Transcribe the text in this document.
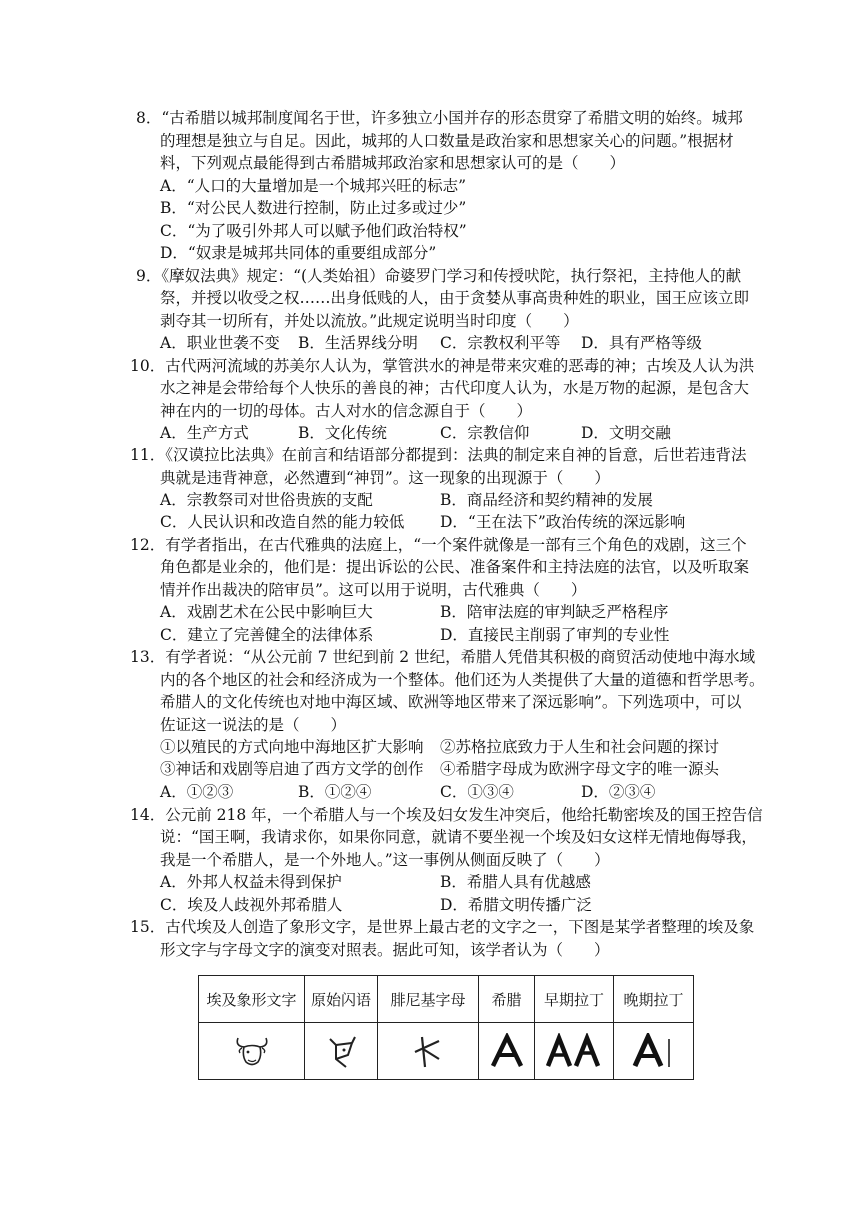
8．“古希腊以城邦制度闻名于世，许多独立小国并存的形态贯穿了希腊文明的始终。城邦
的理想是独立与自足。因此，城邦的人口数量是政治家和思想家关心的问题。”根据材
料，下列观点最能得到古希腊城邦政治家和思想家认可的是（　　）
A．“人口的大量增加是一个城邦兴旺的标志”
B．“对公民人数进行控制，防止过多或过少”
C．“为了吸引外邦人可以赋予他们政治特权”
D．“奴隶是城邦共同体的重要组成部分”
9．《摩奴法典》规定：“(人类始祖）命婆罗门学习和传授吠陀，执行祭祀，主持他人的献
祭，并授以收受之权……出身低贱的人，由于贪婪从事高贵种姓的职业，国王应该立即
剥夺其一切所有，并处以流放。”此规定说明当时印度（　　）
A．职业世袭不变 B．生活界线分明 C．宗教权利平等 D．具有严格等级
10．古代两河流域的苏美尔人认为，掌管洪水的神是带来灾难的恶毒的神；古埃及人认为洪
水之神是会带给每个人快乐的善良的神；古代印度人认为，水是万物的起源，是包含大
神在内的一切的母体。古人对水的信念源自于（　　）
A．生产方式	B．文化传统	C．宗教信仰	D．文明交融
11．《汉谟拉比法典》在前言和结语部分都提到：法典的制定来自神的旨意，后世若违背法
典就是违背神意，必然遭到“神罚”。这一现象的出现源于（　　）
A．宗教祭司对世俗贵族的支配	B．商品经济和契约精神的发展
C．人民认识和改造自然的能力较低 D．“王在法下”政治传统的深远影响
12．有学者指出，在古代雅典的法庭上，“一个案件就像是一部有三个角色的戏剧，这三个
角色都是业余的，他们是：提出诉讼的公民、准备案件和主持法庭的法官，以及听取案
情并作出裁决的陪审员”。这可以用于说明，古代雅典（　　）
A．戏剧艺术在公民中影响巨大	B．陪审法庭的审判缺乏严格程序
C．建立了完善健全的法律体系	D．直接民主削弱了审判的专业性
13．有学者说：“从公元前 7 世纪到前 2 世纪，希腊人凭借其积极的商贸活动使地中海水域
内的各个地区的社会和经济成为一个整体。他们还为人类提供了大量的道德和哲学思考。
希腊人的文化传统也对地中海区域、欧洲等地区带来了深远影响”。下列选项中，可以
佐证这一说法的是（　　）
①以殖民的方式向地中海地区扩大影响 ②苏格拉底致力于人生和社会问题的探讨
③神话和戏剧等启迪了西方文学的创作 ④希腊字母成为欧洲字母文字的唯一源头
A．①②③	B．①②④	C．①③④	D．②③④
14．公元前 218 年，一个希腊人与一个埃及妇女发生冲突后，他给托勒密埃及的国王控告信
说：“国王啊，我请求你，如果你同意，就请不要坐视一个埃及妇女这样无情地侮辱我，
我是一个希腊人，是一个外地人。”这一事例从侧面反映了（　　）
A．外邦人权益未得到保护	B．希腊人具有优越感
C．埃及人歧视外邦希腊人	D．希腊文明传播广泛
15．古代埃及人创造了象形文字，是世界上最古老的文字之一，下图是某学者整理的埃及象
形文字与字母文字的演变对照表。据此可知，该学者认为（　　）
埃及象形文字	原始闪语	腓尼基字母	希腊	早期拉丁	晚期拉丁
